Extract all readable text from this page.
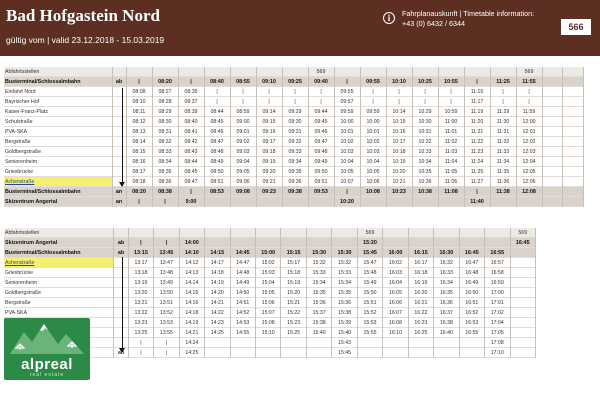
Bad Hofgastein Nord
gültig vom | valid 23.12.2018 - 15.03.2019
i	Fahrplanauskunft | Timetable information:
+43 (0) 6432 / 6344	566
Abfahrtsstellen									569								569		
Busterminal/Schlossalmbahn	ab	|	08:20	|	08:40	08:55	09:10	09:25	09:40	|	09:55	10:10	10:25	10:55	|	11:25	11:55		
Einfahrt Nord		08:08	08:27	08:35	|	|	|	|	|	09:55	|	|	|	|	11:15	|	|		
Bayrischer Hof		08:10	08:28	08:37	|	|	|	|	|	09:57	|	|	|	|	11:17	|	|		
Kaiser-Franz-Platz		08:11	08:29	08:39	08:44	08:59	09:14	09:29	09:44	09:59	09:59	10:14	10:29	10:59	11:19	11:29	11:59		
Schulstraße		08:12	08:30	08:40	08:45	09:00	09:15	09:30	09:45	10:00	10:00	10:15	10:30	11:00	11:20	11:30	12:00		
PVA-SKA		08:13	08:31	08:41	08:46	09:01	09:16	09:31	09:46	10:01	10:01	10:16	10:31	11:01	11:21	11:31	12:01		
Bergstraße		08:14	08:32	08:42	08:47	09:02	09:17	09:32	09:47	10:02	10:02	10:17	10:32	11:02	11:22	11:32	12:02		
Goldbergstraße		08:15	08:33	08:43	08:48	09:03	09:18	09:33	09:48	10:03	10:03	10:18	10:33	11:03	11:23	11:33	12:03		
Seniorenheim		08:16	08:34	08:44	08:49	09:04	09:19	09:34	09:49	10:04	10:04	10:19	10:34	11:04	11:24	11:34	12:04		
Griesbrücke		08:17	08:35	08:45	08:50	09:05	09:20	09:35	09:50	10:05	10:05	10:20	10:35	11:05	11:25	11:35	12:05		
Achenstraße		08:18	08:36	08:47	08:51	09:06	09:21	09:36	09:51	10:07	10:06	10:21	10:36	11:06	11:27	11:36	12:06		
Busterminal/Schlossalmbahn	an	08:20	08:38	|	08:53	09:08	09:23	09:38	09:53	|	10:08	10:23	10:38	11:08	|	11:38	12:08		
Skizentrum Angertal	an	|	|	9:00						10:20					11:40				
Abfahrtsstellen											569						569
Skizentrum Angertal	ab	|	|	14:00							15:20						16:45
Busterminal/Schlossalmbahn	ab	13:15	13:45	14:10	14:15	14:45	15:00	15:15	15:30	15:30	15:45	16:00	16:15	16:30	16:45	16:55	
Achenstraße		13:17	13:47	14:12	14:17	14:47	15:02	15:17	15:32	15:32	15:47	16:02	16:17	16:32	16:47	16:57	
Griesbrücke		13:18	13:48	14:13	14:18	14:48	15:03	15:18	15:33	15:33	15:48	16:03	16:18	16:33	16:48	16:58	
Seniorenheim		13:19	13:49	14:14	14:19	14:49	15:04	15:19	15:34	15:34	15:49	16:04	16:19	16:34	16:49	16:59	
Goldbergstraße		13:20	13:50	14:15	14:20	14:50	15:05	15:20	15:35	15:35	15:50	16:05	16:20	16:35	16:50	17:00	
Bergstraße		13:21	13:51	14:16	14:21	14:51	15:06	15:21	15:36	15:36	15:51	16:06	16:21	16:36	16:51	17:01	
PVA-SKA		13:22	13:52	14:18	14:22	14:52	15:07	15:22	15:37	15:38	15:52	16:07	16:22	16:37	16:52	17:02	
		13:23	13:53	14:19	14:23	14:53	15:08	15:23	15:38	15:39	15:53	16:08	16:23	16:38	16:53	17:04	
		13:25	13:55	14:21	14:25	14:55	15:10	15:25	15:40	15:40	15:55	16:10	16:25	16:40	16:55	17:05	
		|	|	14:24						15:43						17:08	
		|	|	14:25						15:45						17:10	
alpreal
real estate
